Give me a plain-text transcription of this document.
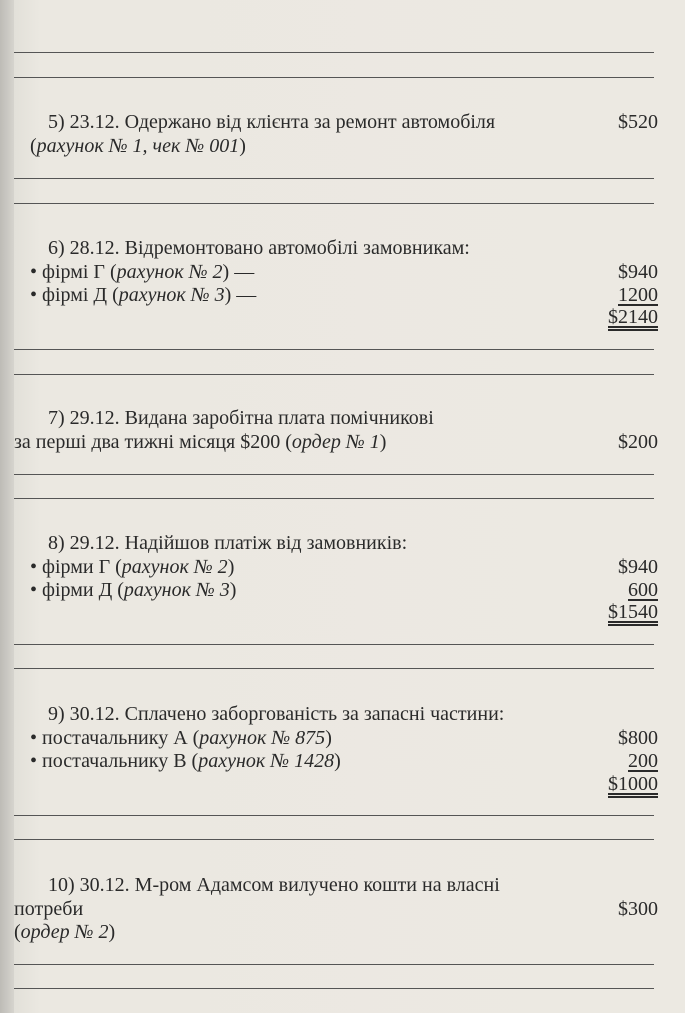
5) 23.12. Одержано від клієнта за ремонт автомобіля	$520
(рахунок № 1, чек № 001)
6) 28.12. Відремонтовано автомобілі замовникам:
• фірмі Г (рахунок № 2) —	$940
• фірмі Д (рахунок № 3) —	1200
$2140
7) 29.12. Видана заробітна плата помічникові
за перші два тижні місяця $200 (ордер № 1)	$200
8) 29.12. Надійшов платіж від замовників:
• фірми Г (рахунок № 2)	$940
• фірми Д (рахунок № 3)	600
$1540
9) 30.12. Сплачено заборгованість за запасні частини:
• постачальнику А (рахунок № 875)	$800
• постачальнику В (рахунок № 1428)	200
$1000
10) 30.12. М-ром Адамсом вилучено кошти на власні
потреби	$300
(ордер № 2)
